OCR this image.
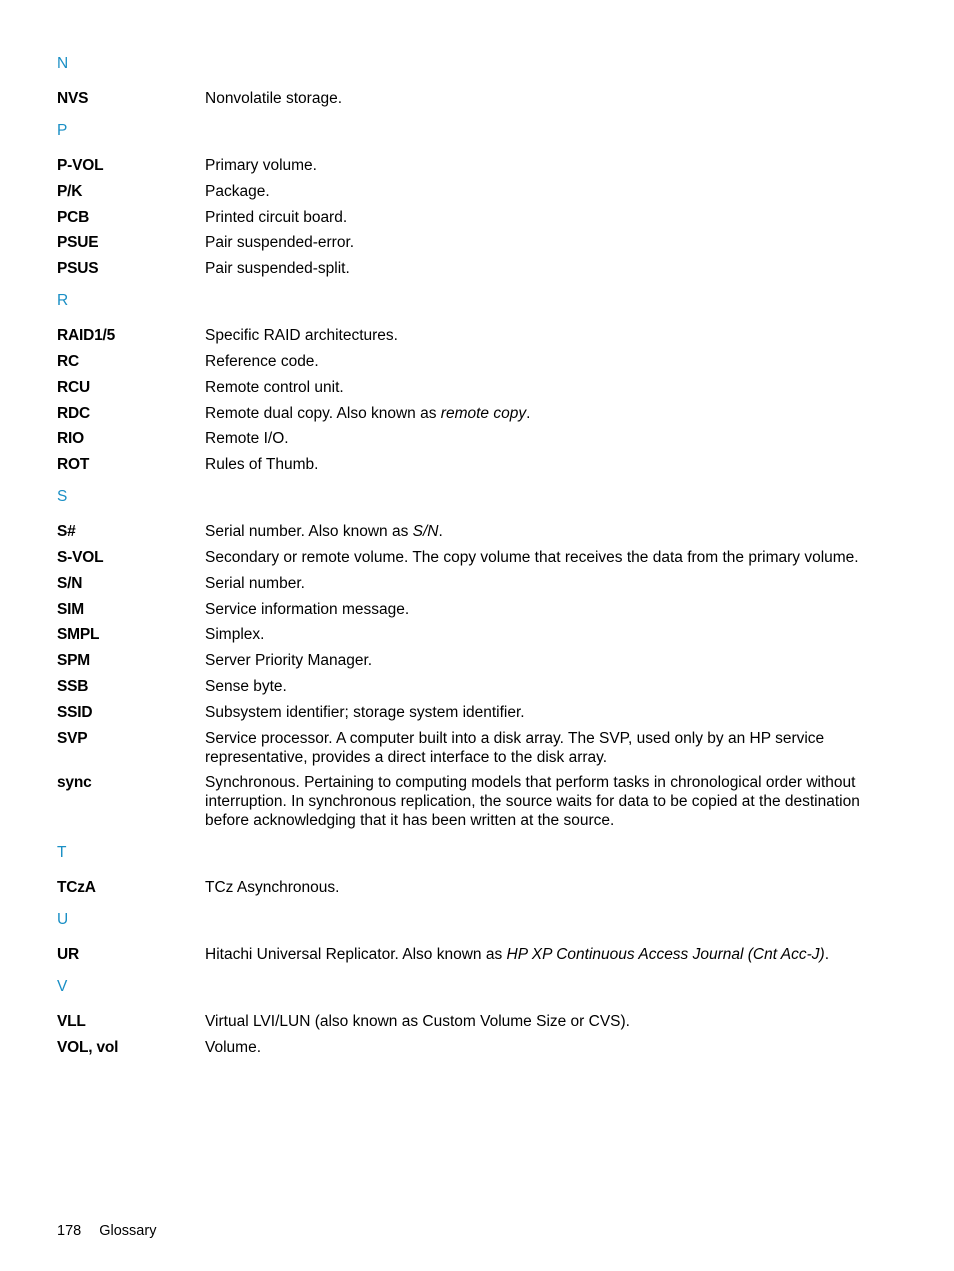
N
NVS	Nonvolatile storage.
P
P-VOL	Primary volume.
P/K	Package.
PCB	Printed circuit board.
PSUE	Pair suspended-error.
PSUS	Pair suspended-split.
R
RAID1/5	Specific RAID architectures.
RC	Reference code.
RCU	Remote control unit.
RDC	Remote dual copy. Also known as remote copy.
RIO	Remote I/O.
ROT	Rules of Thumb.
S
S#	Serial number. Also known as S/N.
S-VOL	Secondary or remote volume. The copy volume that receives the data from the primary volume.
S/N	Serial number.
SIM	Service information message.
SMPL	Simplex.
SPM	Server Priority Manager.
SSB	Sense byte.
SSID	Subsystem identifier; storage system identifier.
SVP	Service processor. A computer built into a disk array. The SVP, used only by an HP service representative, provides a direct interface to the disk array.
sync	Synchronous. Pertaining to computing models that perform tasks in chronological order without interruption. In synchronous replication, the source waits for data to be copied at the destination before acknowledging that it has been written at the source.
T
TCzA	TCz Asynchronous.
U
UR	Hitachi Universal Replicator. Also known as HP XP Continuous Access Journal (Cnt Acc-J).
V
VLL	Virtual LVI/LUN (also known as Custom Volume Size or CVS).
VOL, vol	Volume.
178 Glossary
